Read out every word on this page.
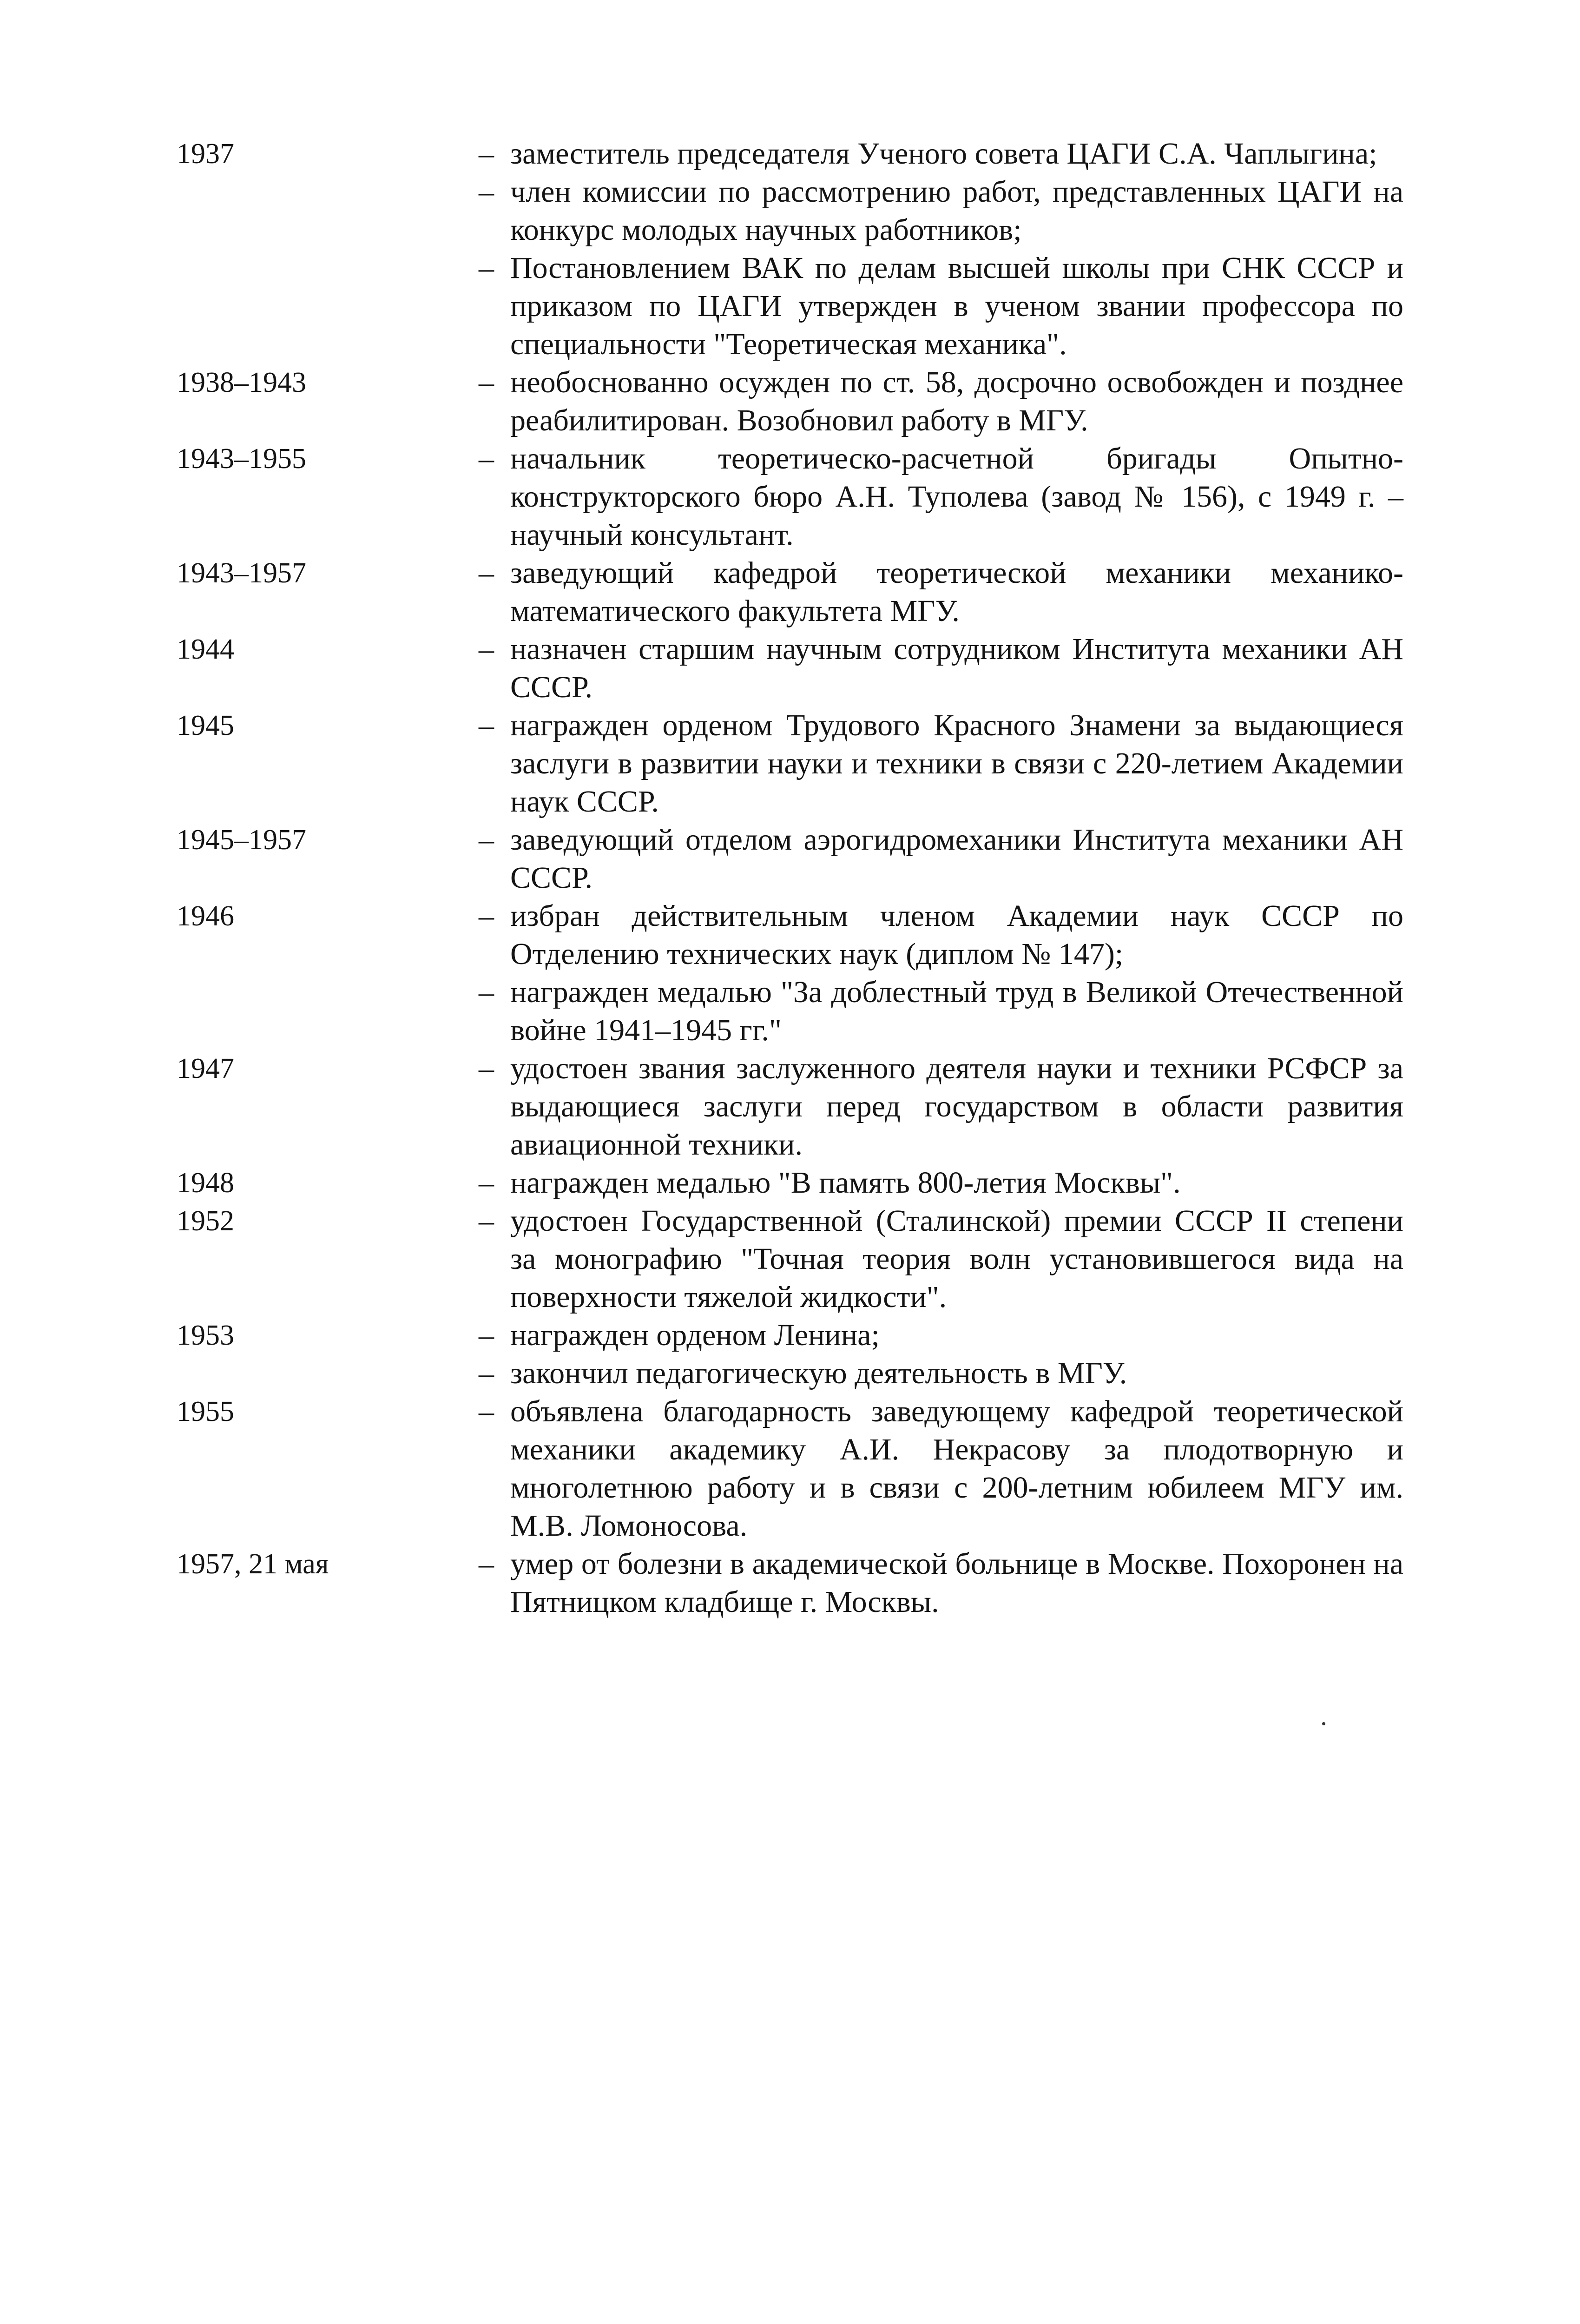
1937	– заместитель председателя Ученого совета ЦАГИ С.А. Чаплыгина;
– член комиссии по рассмотрению работ, представленных ЦАГИ на конкурс молодых научных работников;
– Постановлением ВАК по делам высшей школы при СНК СССР и приказом по ЦАГИ утвержден в ученом звании профессора по специальности "Теоретическая механика".
1938–1943	– необоснованно осужден по ст. 58, досрочно освобожден и позднее реабилитирован. Возобновил работу в МГУ.
1943–1955	– начальник теоретическо-расчетной бригады Опытно-конструкторского бюро А.Н. Туполева (завод № 156), с 1949 г. – научный консультант.
1943–1957	– заведующий кафедрой теоретической механики механико-математического факультета МГУ.
1944	– назначен старшим научным сотрудником Института механики АН СССР.
1945	– награжден орденом Трудового Красного Знамени за выдающиеся заслуги в развитии науки и техники в связи с 220-летием Академии наук СССР.
1945–1957	– заведующий отделом аэрогидромеханики Института механики АН СССР.
1946	– избран действительным членом Академии наук СССР по Отделению технических наук (диплом № 147);
– награжден медалью "За доблестный труд в Великой Отечественной войне 1941–1945 гг."
1947	– удостоен звания заслуженного деятеля науки и техники РСФСР за выдающиеся заслуги перед государством в области развития авиационной техники.
1948	– награжден медалью "В память 800-летия Москвы".
1952	– удостоен Государственной (Сталинской) премии СССР II степени за монографию "Точная теория волн установившегося вида на поверхности тяжелой жидкости".
1953	– награжден орденом Ленина;
– закончил педагогическую деятельность в МГУ.
1955	– объявлена благодарность заведующему кафедрой теоретической механики академику А.И. Некрасову за плодотворную и многолетнюю работу и в связи с 200-летним юбилеем МГУ им. М.В. Ломоносова.
1957, 21 мая	– умер от болезни в академической больнице в Москве. Похоронен на Пятницком кладбище г. Москвы.
